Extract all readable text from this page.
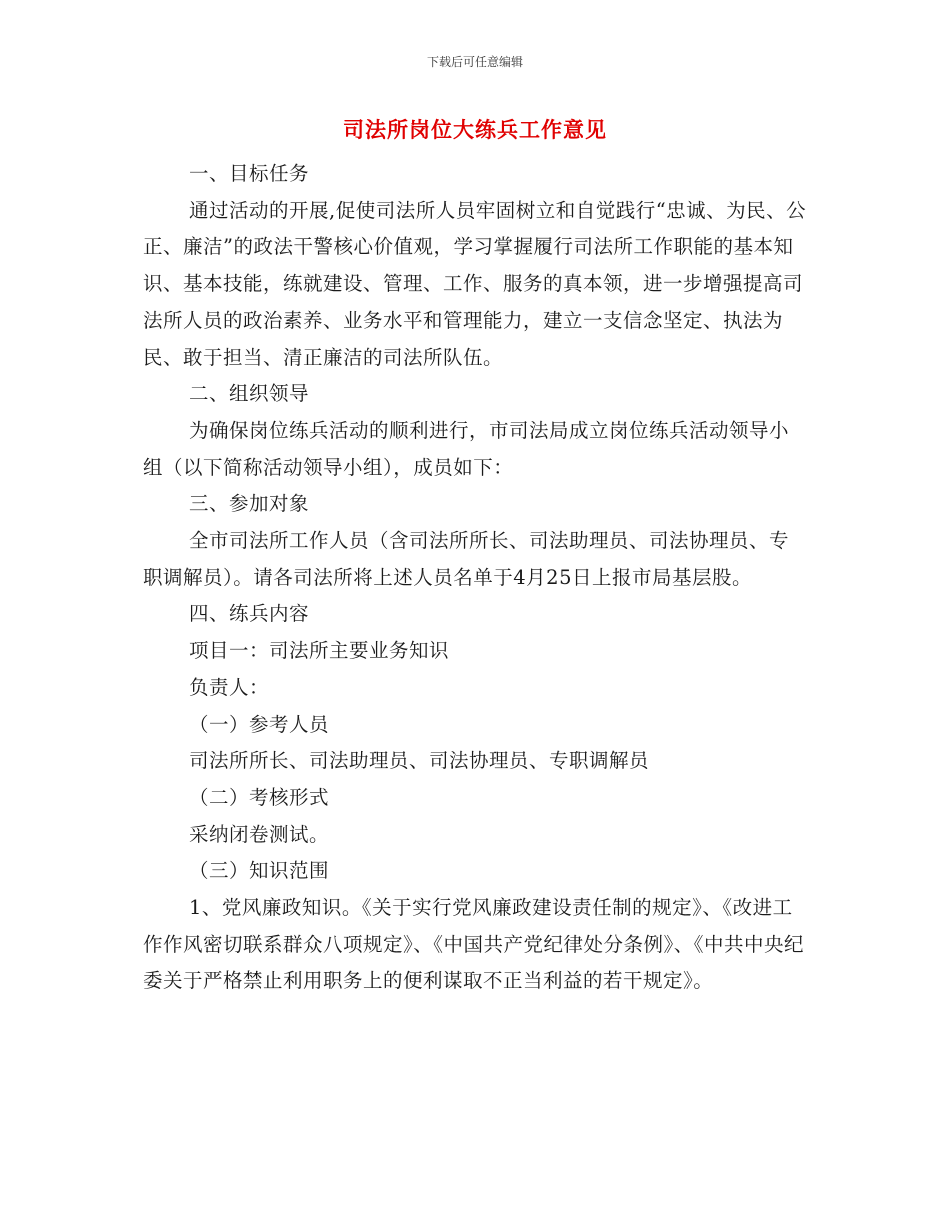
下载后可任意编辑
司法所岗位大练兵工作意见

一、目标任务

通过活动的开展,促使司法所人员牢固树立和自觉践行“忠诚、为民、公正、廉洁”的政法干警核心价值观，学习掌握履行司法所工作职能的基本知识、基本技能，练就建设、管理、工作、服务的真本领，进一步增强提高司法所人员的政治素养、业务水平和管理能力，建立一支信念坚定、执法为民、敢于担当、清正廉洁的司法所队伍。

二、组织领导

为确保岗位练兵活动的顺利进行，市司法局成立岗位练兵活动领导小组（以下简称活动领导小组），成员如下：

三、参加对象

全市司法所工作人员（含司法所所长、司法助理员、司法协理员、专职调解员）。请各司法所将上述人员名单于4月25日上报市局基层股。

四、练兵内容

项目一：司法所主要业务知识

负责人：

（一）参考人员

司法所所长、司法助理员、司法协理员、专职调解员

（二）考核形式

采纳闭卷测试。

（三）知识范围

1、党风廉政知识。《关于实行党风廉政建设责任制的规定》、《改进工作作风密切联系群众八项规定》、《中国共产党纪律处分条例》、《中共中央纪委关于严格禁止利用职务上的便利谋取不正当利益的若干规定》。
